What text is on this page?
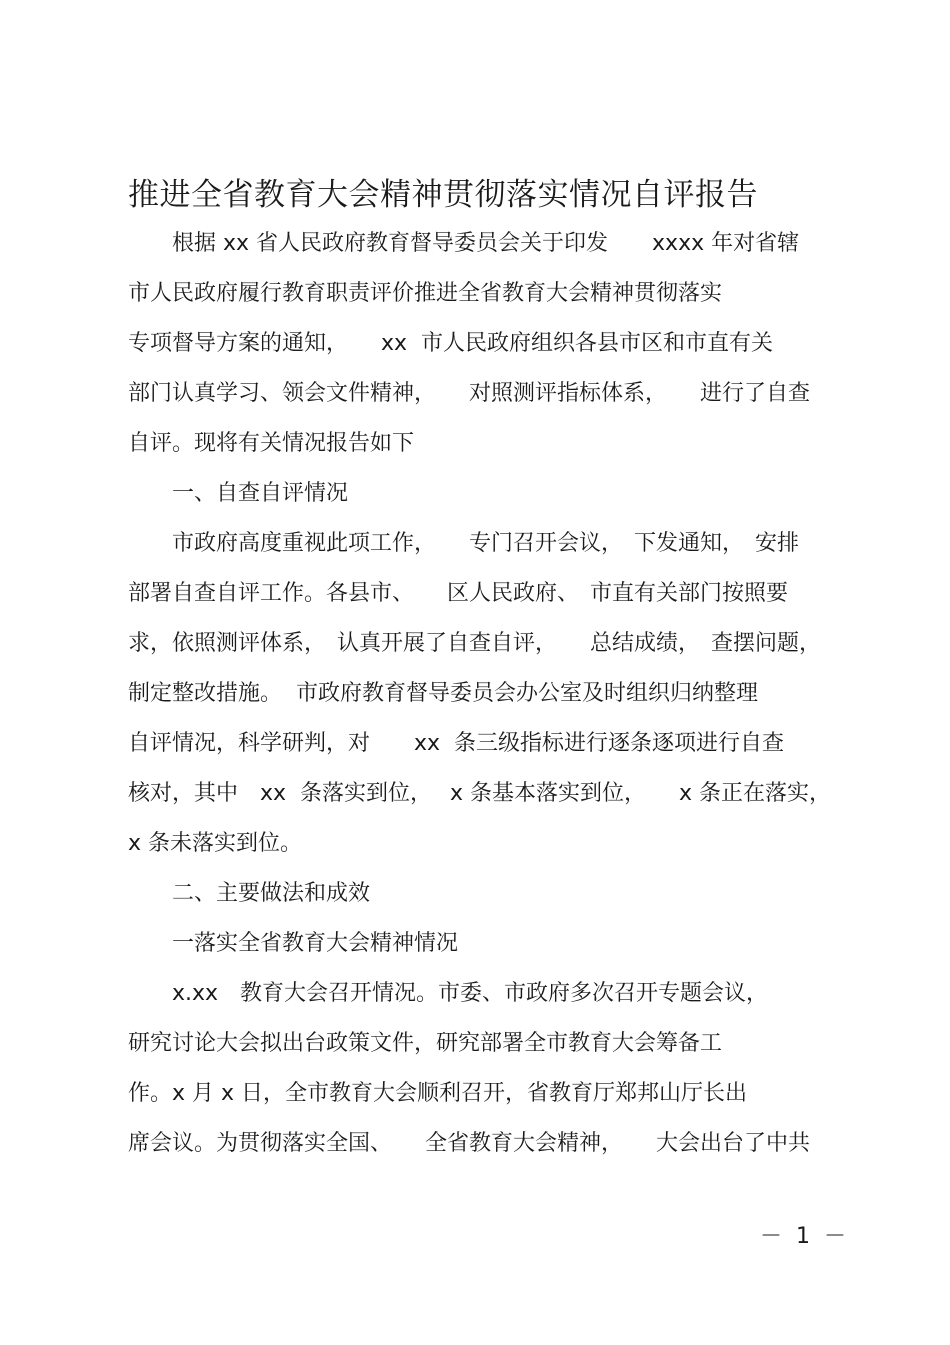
推进全省教育大会精神贯彻落实情况自评报告
　　根据 xx 省人民政府教育督导委员会关于印发　　xxxx 年对省辖
市人民政府履行教育职责评价推进全省教育大会精神贯彻落实
专项督导方案的通知，　　xx  市人民政府组织各县市区和市直有关
部门认真学习、领会文件精神，　　对照测评指标体系，　　进行了自查
自评。现将有关情况报告如下
　　一、自查自评情况
　　市政府高度重视此项工作，　　专门召开会议，　下发通知，　安排
部署自查自评工作。各县市、　　区人民政府、　市直有关部门按照要
求，依照测评体系，　认真开展了自查自评，　　总结成绩，　查摆问题，
制定整改措施。  市政府教育督导委员会办公室及时组织归纳整理
自评情况，科学研判，对　　xx  条三级指标进行逐条逐项进行自查
核对，其中　xx  条落实到位，　 x 条基本落实到位，　　x 条正在落实，
x 条未落实到位。
　　二、主要做法和成效
　　一落实全省教育大会精神情况
　　x.xx　教育大会召开情况。市委、市政府多次召开专题会议，
研究讨论大会拟出台政策文件，研究部署全市教育大会筹备工
作。x 月 x 日，全市教育大会顺利召开，省教育厅郑邦山厅长出
席会议。为贯彻落实全国、　　全省教育大会精神，　　大会出台了中共
－  1  －
